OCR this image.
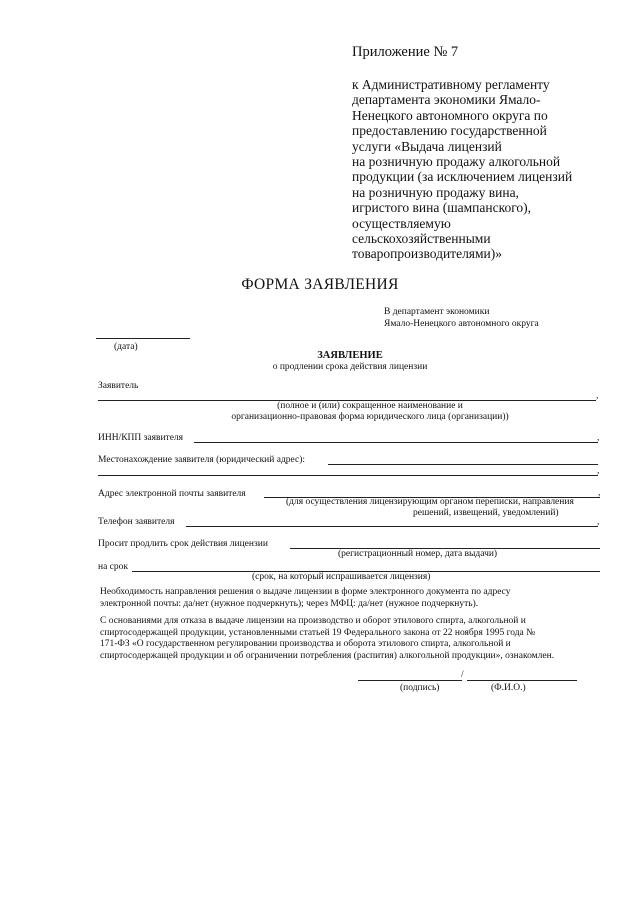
Приложение № 7
к Административному регламенту
департамента экономики Ямало-
Ненецкого автономного округа по
предоставлению государственной
услуги «Выдача лицензий
на розничную продажу алкогольной
продукции (за исключением лицензий
на розничную продажу вина,
игристого вина (шампанского),
осуществляемую
сельскохозяйственными
товаропроизводителями)»
ФОРМА ЗАЯВЛЕНИЯ
В департамент экономики
Ямало-Ненецкого автономного округа
(дата)
ЗАЯВЛЕНИЕ
о продлении срока действия лицензии
Заявитель
,
(полное и (или) сокращенное наименование и
организационно-правовая форма юридического лица (организации))
ИНН/КПП заявителя	,
Местонахождение заявителя (юридический адрес):
,
Адрес электронной почты заявителя	,
(для осуществления лицензирующим органом переписки, направления
решений, извещений, уведомлений)
Телефон заявителя	,
Просит продлить срок действия лицензии
(регистрационный номер, дата выдачи)
на срок
(срок, на который испрашивается лицензия)
Необходимость направления решения о выдаче лицензии в форме электронного документа по адресу
электронной почты: да/нет (нужное подчеркнуть); через МФЦ: да/нет (нужное подчеркнуть).
С основаниями для отказа в выдаче лицензии на производство и оборот этилового спирта, алкогольной и
спиртосодержащей продукции, установленными статьей 19 Федерального закона от 22 ноября 1995 года №
171-ФЗ «О государственном регулировании производства и оборота этилового спирта, алкогольной и
спиртосодержащей продукции и об ограничении потребления (распития) алкогольной продукции», ознакомлен.
/
(подпись)	(Ф.И.О.)
